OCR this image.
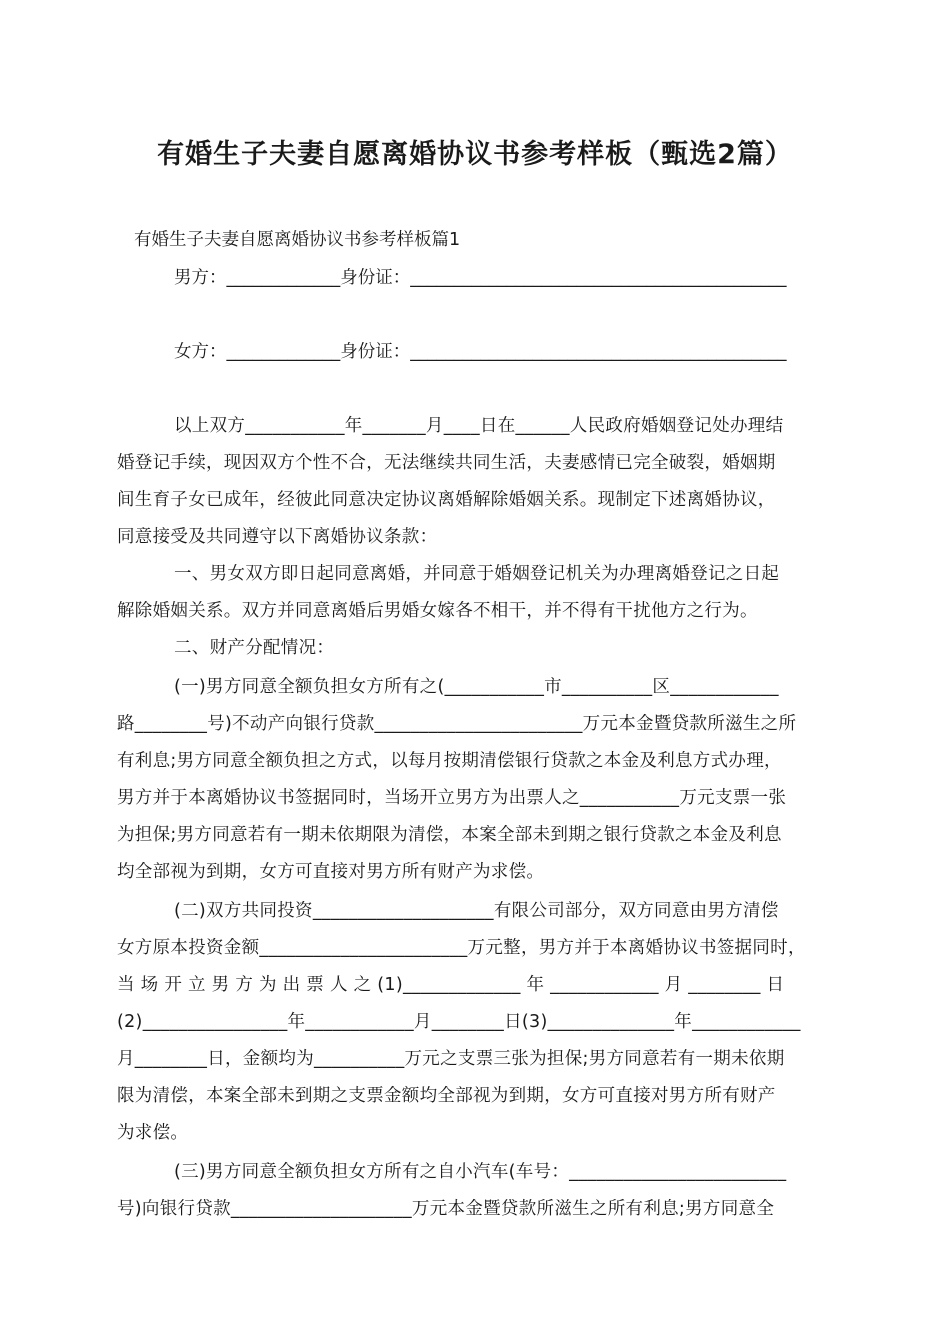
有婚生子夫妻自愿离婚协议书参考样板（甄选2篇）
有婚生子夫妻自愿离婚协议书参考样板篇1
男方：_____________身份证：___________________________________________
女方：_____________身份证：___________________________________________
以上双方___________年_______月____日在______人民政府婚姻登记处办理结
婚登记手续，现因双方个性不合，无法继续共同生活，夫妻感情已完全破裂，婚姻期
间生育子女已成年，经彼此同意决定协议离婚解除婚姻关系。现制定下述离婚协议，
同意接受及共同遵守以下离婚协议条款：
一、男女双方即日起同意离婚，并同意于婚姻登记机关为办理离婚登记之日起
解除婚姻关系。双方并同意离婚后男婚女嫁各不相干，并不得有干扰他方之行为。
二、财产分配情况：
(一)男方同意全额负担女方所有之(___________市__________区____________
路________号)不动产向银行贷款_______________________万元本金暨贷款所滋生之所
有利息;男方同意全额负担之方式，以每月按期清偿银行贷款之本金及利息方式办理，
男方并于本离婚协议书签据同时，当场开立男方为出票人之___________万元支票一张
为担保;男方同意若有一期未依期限为清偿，本案全部未到期之银行贷款之本金及利息
均全部视为到期，女方可直接对男方所有财产为求偿。
(二)双方共同投资____________________有限公司部分，双方同意由男方清偿
女方原本投资金额_______________________万元整，男方并于本离婚协议书签据同时，
当 场 开 立 男 方 为 出 票 人 之 (1)_____________ 年 ____________ 月 ________ 日
(2)________________年____________月________日(3)______________年____________
月________日，金额均为__________万元之支票三张为担保;男方同意若有一期未依期
限为清偿，本案全部未到期之支票金额均全部视为到期，女方可直接对男方所有财产
为求偿。
(三)男方同意全额负担女方所有之自小汽车(车号：________________________
号)向银行贷款____________________万元本金暨贷款所滋生之所有利息;男方同意全
